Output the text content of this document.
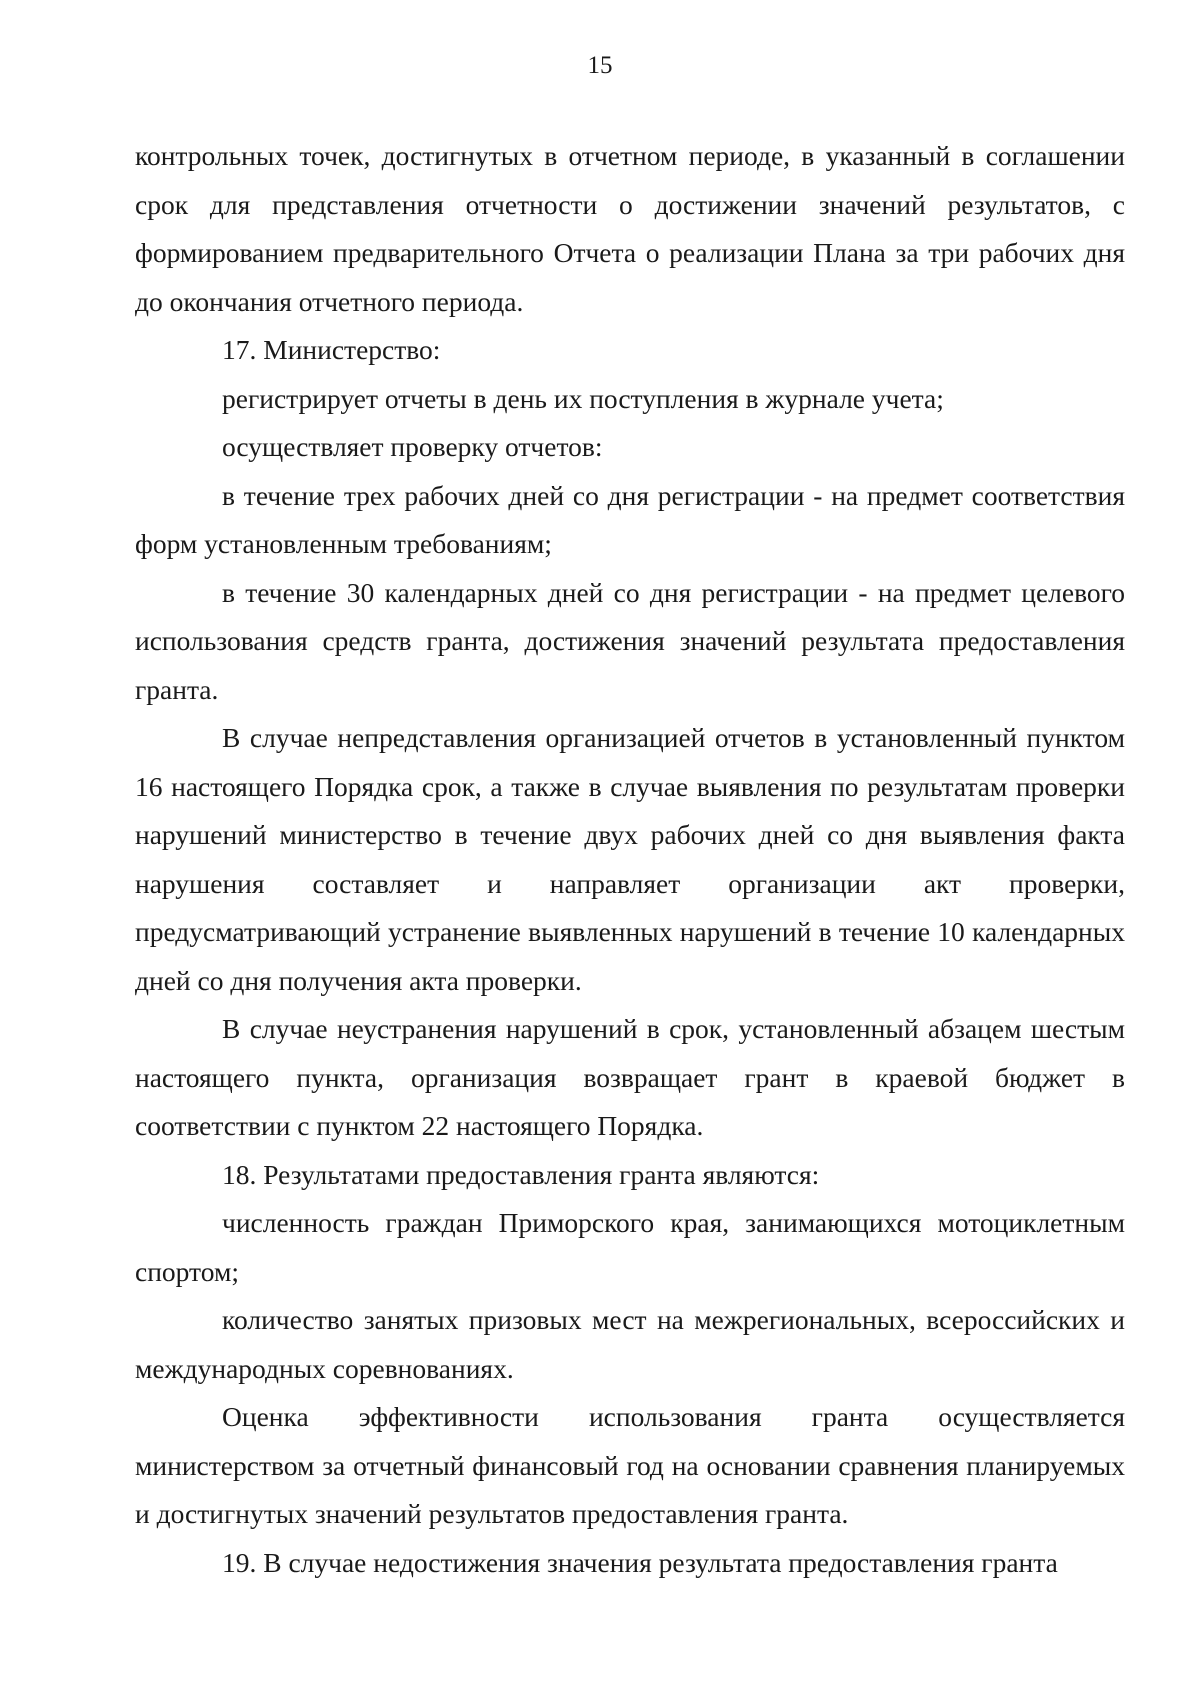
15

контрольных точек, достигнутых в отчетном периоде, в указанный в соглашении срок для представления отчетности о достижении значений результатов, с формированием предварительного Отчета о реализации Плана за три рабочих дня до окончания отчетного периода.

17. Министерство:

регистрирует отчеты в день их поступления в журнале учета;

осуществляет проверку отчетов:

в течение трех рабочих дней со дня регистрации - на предмет соответствия форм установленным требованиям;

в течение 30 календарных дней со дня регистрации - на предмет целевого использования средств гранта, достижения значений результата предоставления гранта.

В случае непредставления организацией отчетов в установленный пунктом 16 настоящего Порядка срок, а также в случае выявления по результатам проверки нарушений министерство в течение двух рабочих дней со дня выявления факта нарушения составляет и направляет организации акт проверки, предусматривающий устранение выявленных нарушений в течение 10 календарных дней со дня получения акта проверки.

В случае неустранения нарушений в срок, установленный абзацем шестым настоящего пункта, организация возвращает грант в краевой бюджет в соответствии с пунктом 22 настоящего Порядка.

18. Результатами предоставления гранта являются:

численность граждан Приморского края, занимающихся мотоциклетным спортом;

количество занятых призовых мест на межрегиональных, всероссийских и международных соревнованиях.

Оценка эффективности использования гранта осуществляется министерством за отчетный финансовый год на основании сравнения планируемых и достигнутых значений результатов предоставления гранта.

19. В случае недостижения значения результата предоставления гранта
